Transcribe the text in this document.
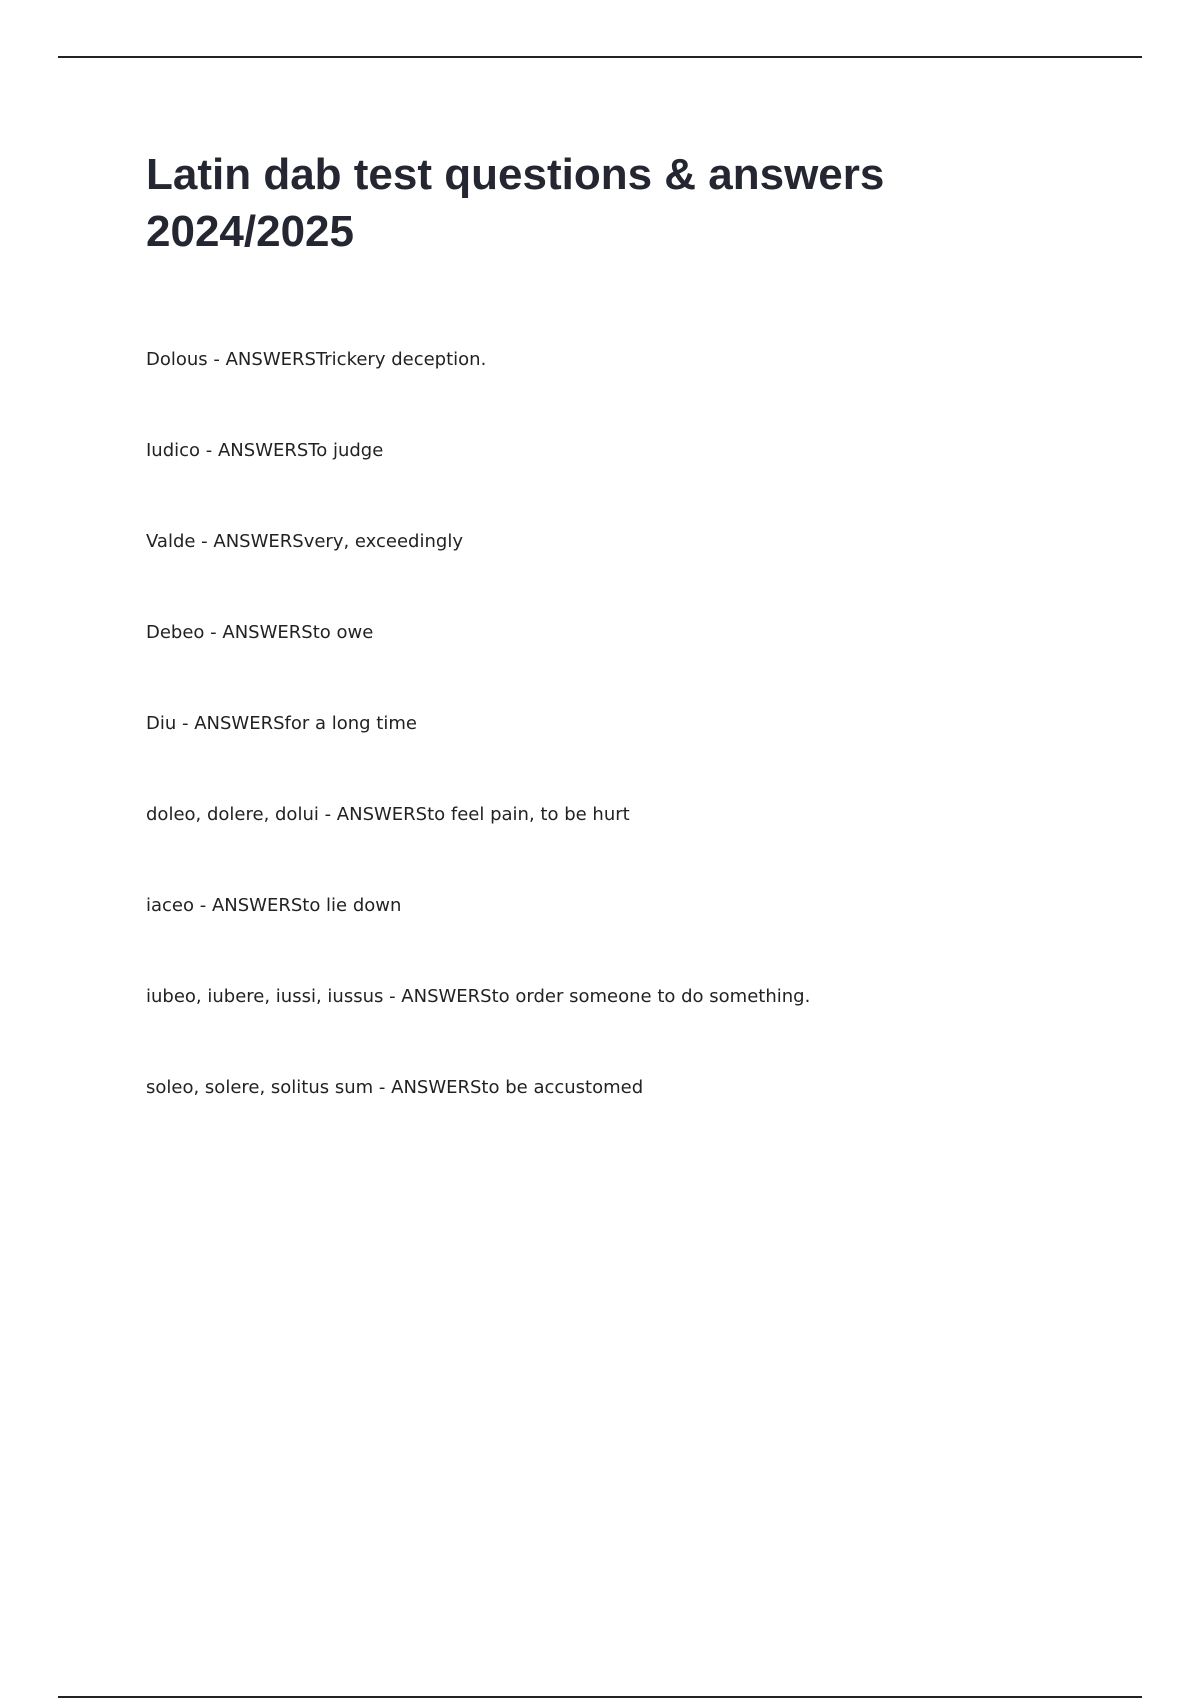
Latin dab test questions & answers
2024/2025
Dolous - ANSWERSTrickery deception.
Iudico - ANSWERSTo judge
Valde - ANSWERSvery, exceedingly
Debeo - ANSWERSto owe
Diu - ANSWERSfor a long time
doleo, dolere, dolui - ANSWERSto feel pain, to be hurt
iaceo - ANSWERSto lie down
iubeo, iubere, iussi, iussus - ANSWERSto order someone to do something.
soleo, solere, solitus sum - ANSWERSto be accustomed
